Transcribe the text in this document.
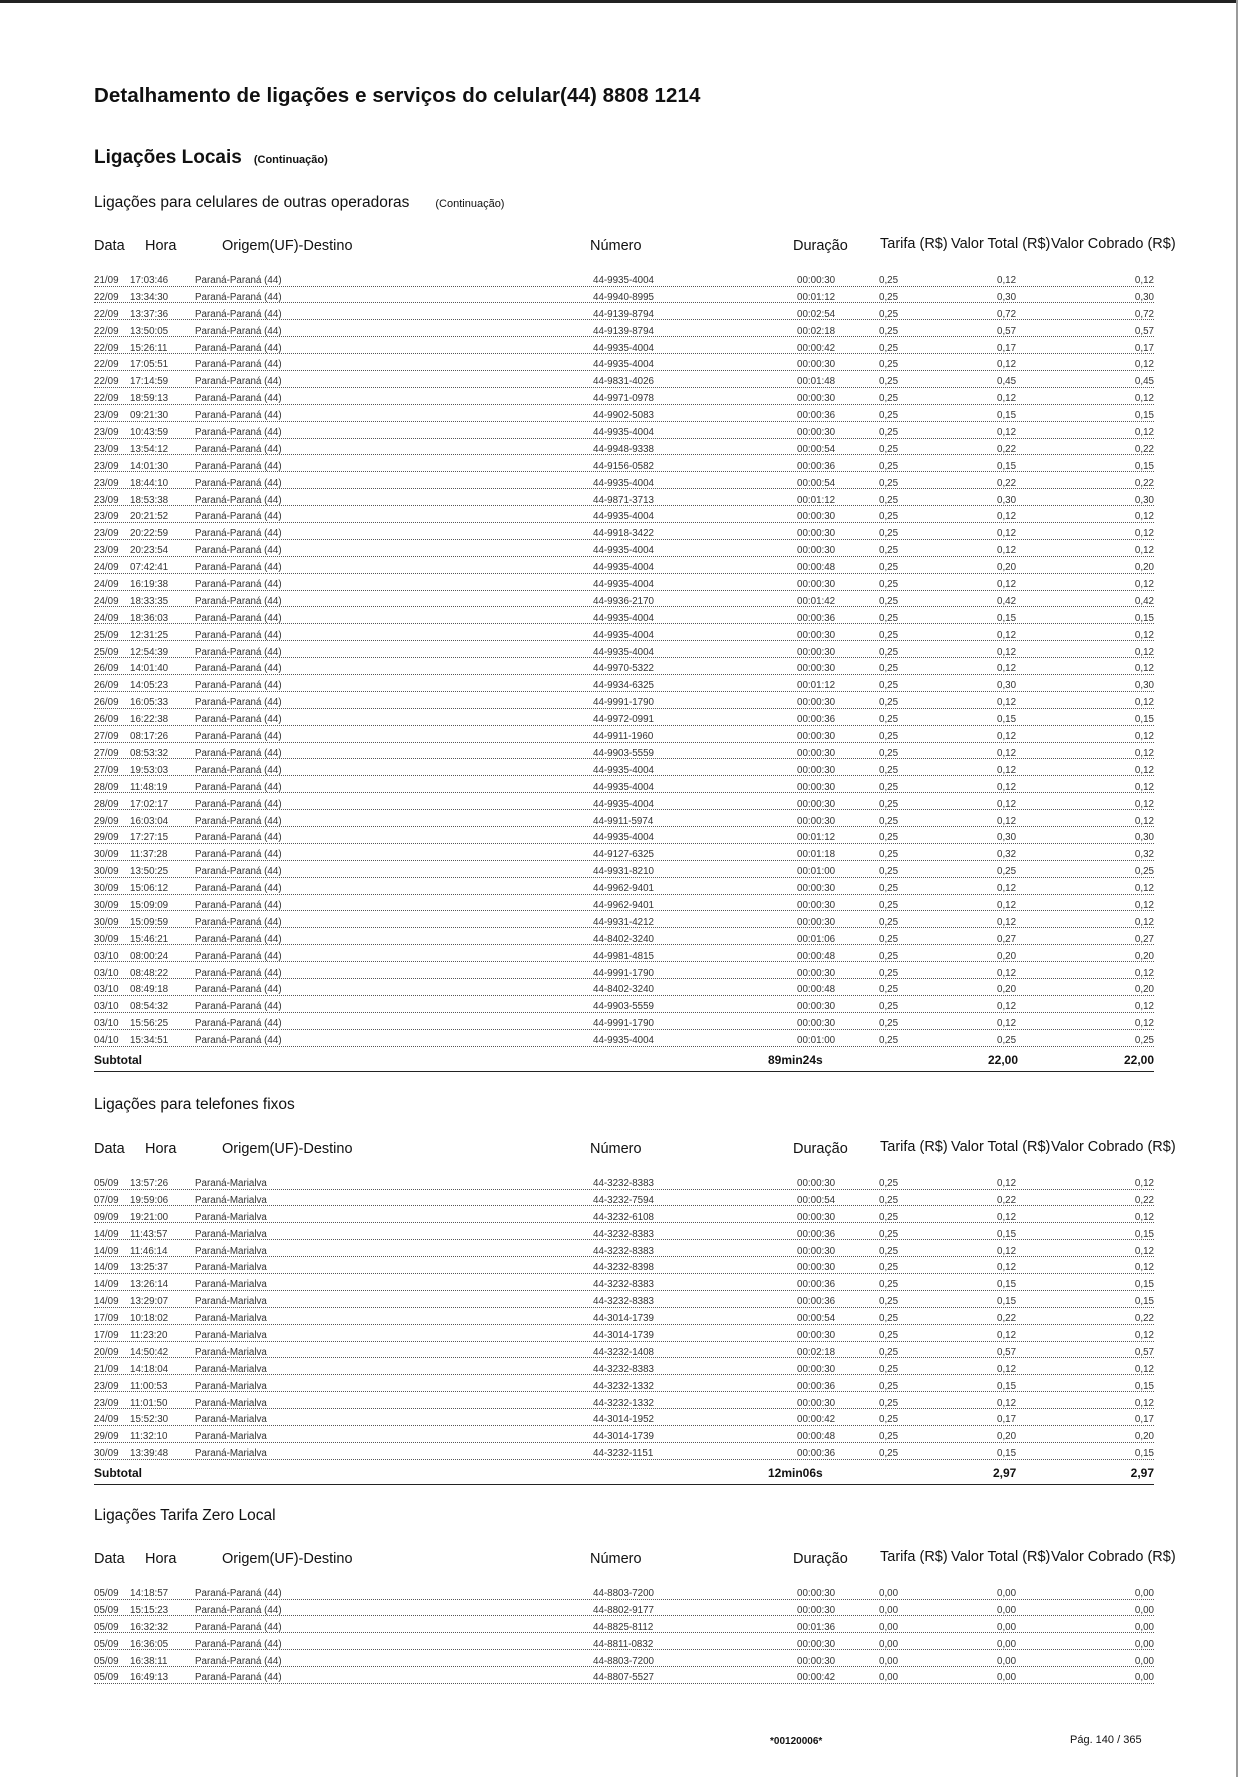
Detalhamento de ligações e serviços do celular(44) 8808 1214
Ligações Locais (Continuação)
Ligações para celulares de outras operadoras (Continuação)
Data Hora	Origem(UF)-Destino	Número	Duração Tarifa (R$) Valor Total (R$) Valor Cobrado (R$)
21/09 17:03:46	Paraná-Paraná (44)	44-9935-4004	00:00:30	0,25	0,12	0,12
22/09 13:34:30	Paraná-Paraná (44)	44-9940-8995	00:01:12	0,25	0,30	0,30
22/09 13:37:36	Paraná-Paraná (44)	44-9139-8794	00:02:54	0,25	0,72	0,72
22/09 13:50:05	Paraná-Paraná (44)	44-9139-8794	00:02:18	0,25	0,57	0,57
22/09 15:26:11	Paraná-Paraná (44)	44-9935-4004	00:00:42	0,25	0,17	0,17
22/09 17:05:51	Paraná-Paraná (44)	44-9935-4004	00:00:30	0,25	0,12	0,12
22/09 17:14:59	Paraná-Paraná (44)	44-9831-4026	00:01:48	0,25	0,45	0,45
22/09 18:59:13	Paraná-Paraná (44)	44-9971-0978	00:00:30	0,25	0,12	0,12
23/09 09:21:30	Paraná-Paraná (44)	44-9902-5083	00:00:36	0,25	0,15	0,15
23/09 10:43:59	Paraná-Paraná (44)	44-9935-4004	00:00:30	0,25	0,12	0,12
23/09 13:54:12	Paraná-Paraná (44)	44-9948-9338	00:00:54	0,25	0,22	0,22
23/09 14:01:30	Paraná-Paraná (44)	44-9156-0582	00:00:36	0,25	0,15	0,15
23/09 18:44:10	Paraná-Paraná (44)	44-9935-4004	00:00:54	0,25	0,22	0,22
23/09 18:53:38	Paraná-Paraná (44)	44-9871-3713	00:01:12	0,25	0,30	0,30
23/09 20:21:52	Paraná-Paraná (44)	44-9935-4004	00:00:30	0,25	0,12	0,12
23/09 20:22:59	Paraná-Paraná (44)	44-9918-3422	00:00:30	0,25	0,12	0,12
23/09 20:23:54	Paraná-Paraná (44)	44-9935-4004	00:00:30	0,25	0,12	0,12
24/09 07:42:41	Paraná-Paraná (44)	44-9935-4004	00:00:48	0,25	0,20	0,20
24/09 16:19:38	Paraná-Paraná (44)	44-9935-4004	00:00:30	0,25	0,12	0,12
24/09 18:33:35	Paraná-Paraná (44)	44-9936-2170	00:01:42	0,25	0,42	0,42
24/09 18:36:03	Paraná-Paraná (44)	44-9935-4004	00:00:36	0,25	0,15	0,15
25/09 12:31:25	Paraná-Paraná (44)	44-9935-4004	00:00:30	0,25	0,12	0,12
25/09 12:54:39	Paraná-Paraná (44)	44-9935-4004	00:00:30	0,25	0,12	0,12
26/09 14:01:40	Paraná-Paraná (44)	44-9970-5322	00:00:30	0,25	0,12	0,12
26/09 14:05:23	Paraná-Paraná (44)	44-9934-6325	00:01:12	0,25	0,30	0,30
26/09 16:05:33	Paraná-Paraná (44)	44-9991-1790	00:00:30	0,25	0,12	0,12
26/09 16:22:38	Paraná-Paraná (44)	44-9972-0991	00:00:36	0,25	0,15	0,15
27/09 08:17:26	Paraná-Paraná (44)	44-9911-1960	00:00:30	0,25	0,12	0,12
27/09 08:53:32	Paraná-Paraná (44)	44-9903-5559	00:00:30	0,25	0,12	0,12
27/09 19:53:03	Paraná-Paraná (44)	44-9935-4004	00:00:30	0,25	0,12	0,12
28/09 11:48:19	Paraná-Paraná (44)	44-9935-4004	00:00:30	0,25	0,12	0,12
28/09 17:02:17	Paraná-Paraná (44)	44-9935-4004	00:00:30	0,25	0,12	0,12
29/09 16:03:04	Paraná-Paraná (44)	44-9911-5974	00:00:30	0,25	0,12	0,12
29/09 17:27:15	Paraná-Paraná (44)	44-9935-4004	00:01:12	0,25	0,30	0,30
30/09 11:37:28	Paraná-Paraná (44)	44-9127-6325	00:01:18	0,25	0,32	0,32
30/09 13:50:25	Paraná-Paraná (44)	44-9931-8210	00:01:00	0,25	0,25	0,25
30/09 15:06:12	Paraná-Paraná (44)	44-9962-9401	00:00:30	0,25	0,12	0,12
30/09 15:09:09	Paraná-Paraná (44)	44-9962-9401	00:00:30	0,25	0,12	0,12
30/09 15:09:59	Paraná-Paraná (44)	44-9931-4212	00:00:30	0,25	0,12	0,12
30/09 15:46:21	Paraná-Paraná (44)	44-8402-3240	00:01:06	0,25	0,27	0,27
03/10 08:00:24	Paraná-Paraná (44)	44-9981-4815	00:00:48	0,25	0,20	0,20
03/10 08:48:22	Paraná-Paraná (44)	44-9991-1790	00:00:30	0,25	0,12	0,12
03/10 08:49:18	Paraná-Paraná (44)	44-8402-3240	00:00:48	0,25	0,20	0,20
03/10 08:54:32	Paraná-Paraná (44)	44-9903-5559	00:00:30	0,25	0,12	0,12
03/10 15:56:25	Paraná-Paraná (44)	44-9991-1790	00:00:30	0,25	0,12	0,12
04/10 15:34:51	Paraná-Paraná (44)	44-9935-4004	00:01:00	0,25	0,25	0,25
Subtotal	89min24s	22,00	22,00
Ligações para telefones fixos
Data Hora	Origem(UF)-Destino	Número	Duração Tarifa (R$) Valor Total (R$) Valor Cobrado (R$)
05/09 13:57:26	Paraná-Marialva	44-3232-8383	00:00:30	0,25	0,12	0,12
07/09 19:59:06	Paraná-Marialva	44-3232-7594	00:00:54	0,25	0,22	0,22
09/09 19:21:00	Paraná-Marialva	44-3232-6108	00:00:30	0,25	0,12	0,12
14/09 11:43:57	Paraná-Marialva	44-3232-8383	00:00:36	0,25	0,15	0,15
14/09 11:46:14	Paraná-Marialva	44-3232-8383	00:00:30	0,25	0,12	0,12
14/09 13:25:37	Paraná-Marialva	44-3232-8398	00:00:30	0,25	0,12	0,12
14/09 13:26:14	Paraná-Marialva	44-3232-8383	00:00:36	0,25	0,15	0,15
14/09 13:29:07	Paraná-Marialva	44-3232-8383	00:00:36	0,25	0,15	0,15
17/09 10:18:02	Paraná-Marialva	44-3014-1739	00:00:54	0,25	0,22	0,22
17/09 11:23:20	Paraná-Marialva	44-3014-1739	00:00:30	0,25	0,12	0,12
20/09 14:50:42	Paraná-Marialva	44-3232-1408	00:02:18	0,25	0,57	0,57
21/09 14:18:04	Paraná-Marialva	44-3232-8383	00:00:30	0,25	0,12	0,12
23/09 11:00:53	Paraná-Marialva	44-3232-1332	00:00:36	0,25	0,15	0,15
23/09 11:01:50	Paraná-Marialva	44-3232-1332	00:00:30	0,25	0,12	0,12
24/09 15:52:30	Paraná-Marialva	44-3014-1952	00:00:42	0,25	0,17	0,17
29/09 11:32:10	Paraná-Marialva	44-3014-1739	00:00:48	0,25	0,20	0,20
30/09 13:39:48	Paraná-Marialva	44-3232-1151	00:00:36	0,25	0,15	0,15
Subtotal	12min06s	2,97	2,97
Ligações Tarifa Zero Local
Data Hora	Origem(UF)-Destino	Número	Duração Tarifa (R$) Valor Total (R$) Valor Cobrado (R$)
05/09 14:18:57	Paraná-Paraná (44)	44-8803-7200	00:00:30	0,00	0,00	0,00
05/09 15:15:23	Paraná-Paraná (44)	44-8802-9177	00:00:30	0,00	0,00	0,00
05/09 16:32:32	Paraná-Paraná (44)	44-8825-8112	00:01:36	0,00	0,00	0,00
05/09 16:36:05	Paraná-Paraná (44)	44-8811-0832	00:00:30	0,00	0,00	0,00
05/09 16:38:11	Paraná-Paraná (44)	44-8803-7200	00:00:30	0,00	0,00	0,00
05/09 16:49:13	Paraná-Paraná (44)	44-8807-5527	00:00:42	0,00	0,00	0,00
*00120006*	Pág. 140 / 365
